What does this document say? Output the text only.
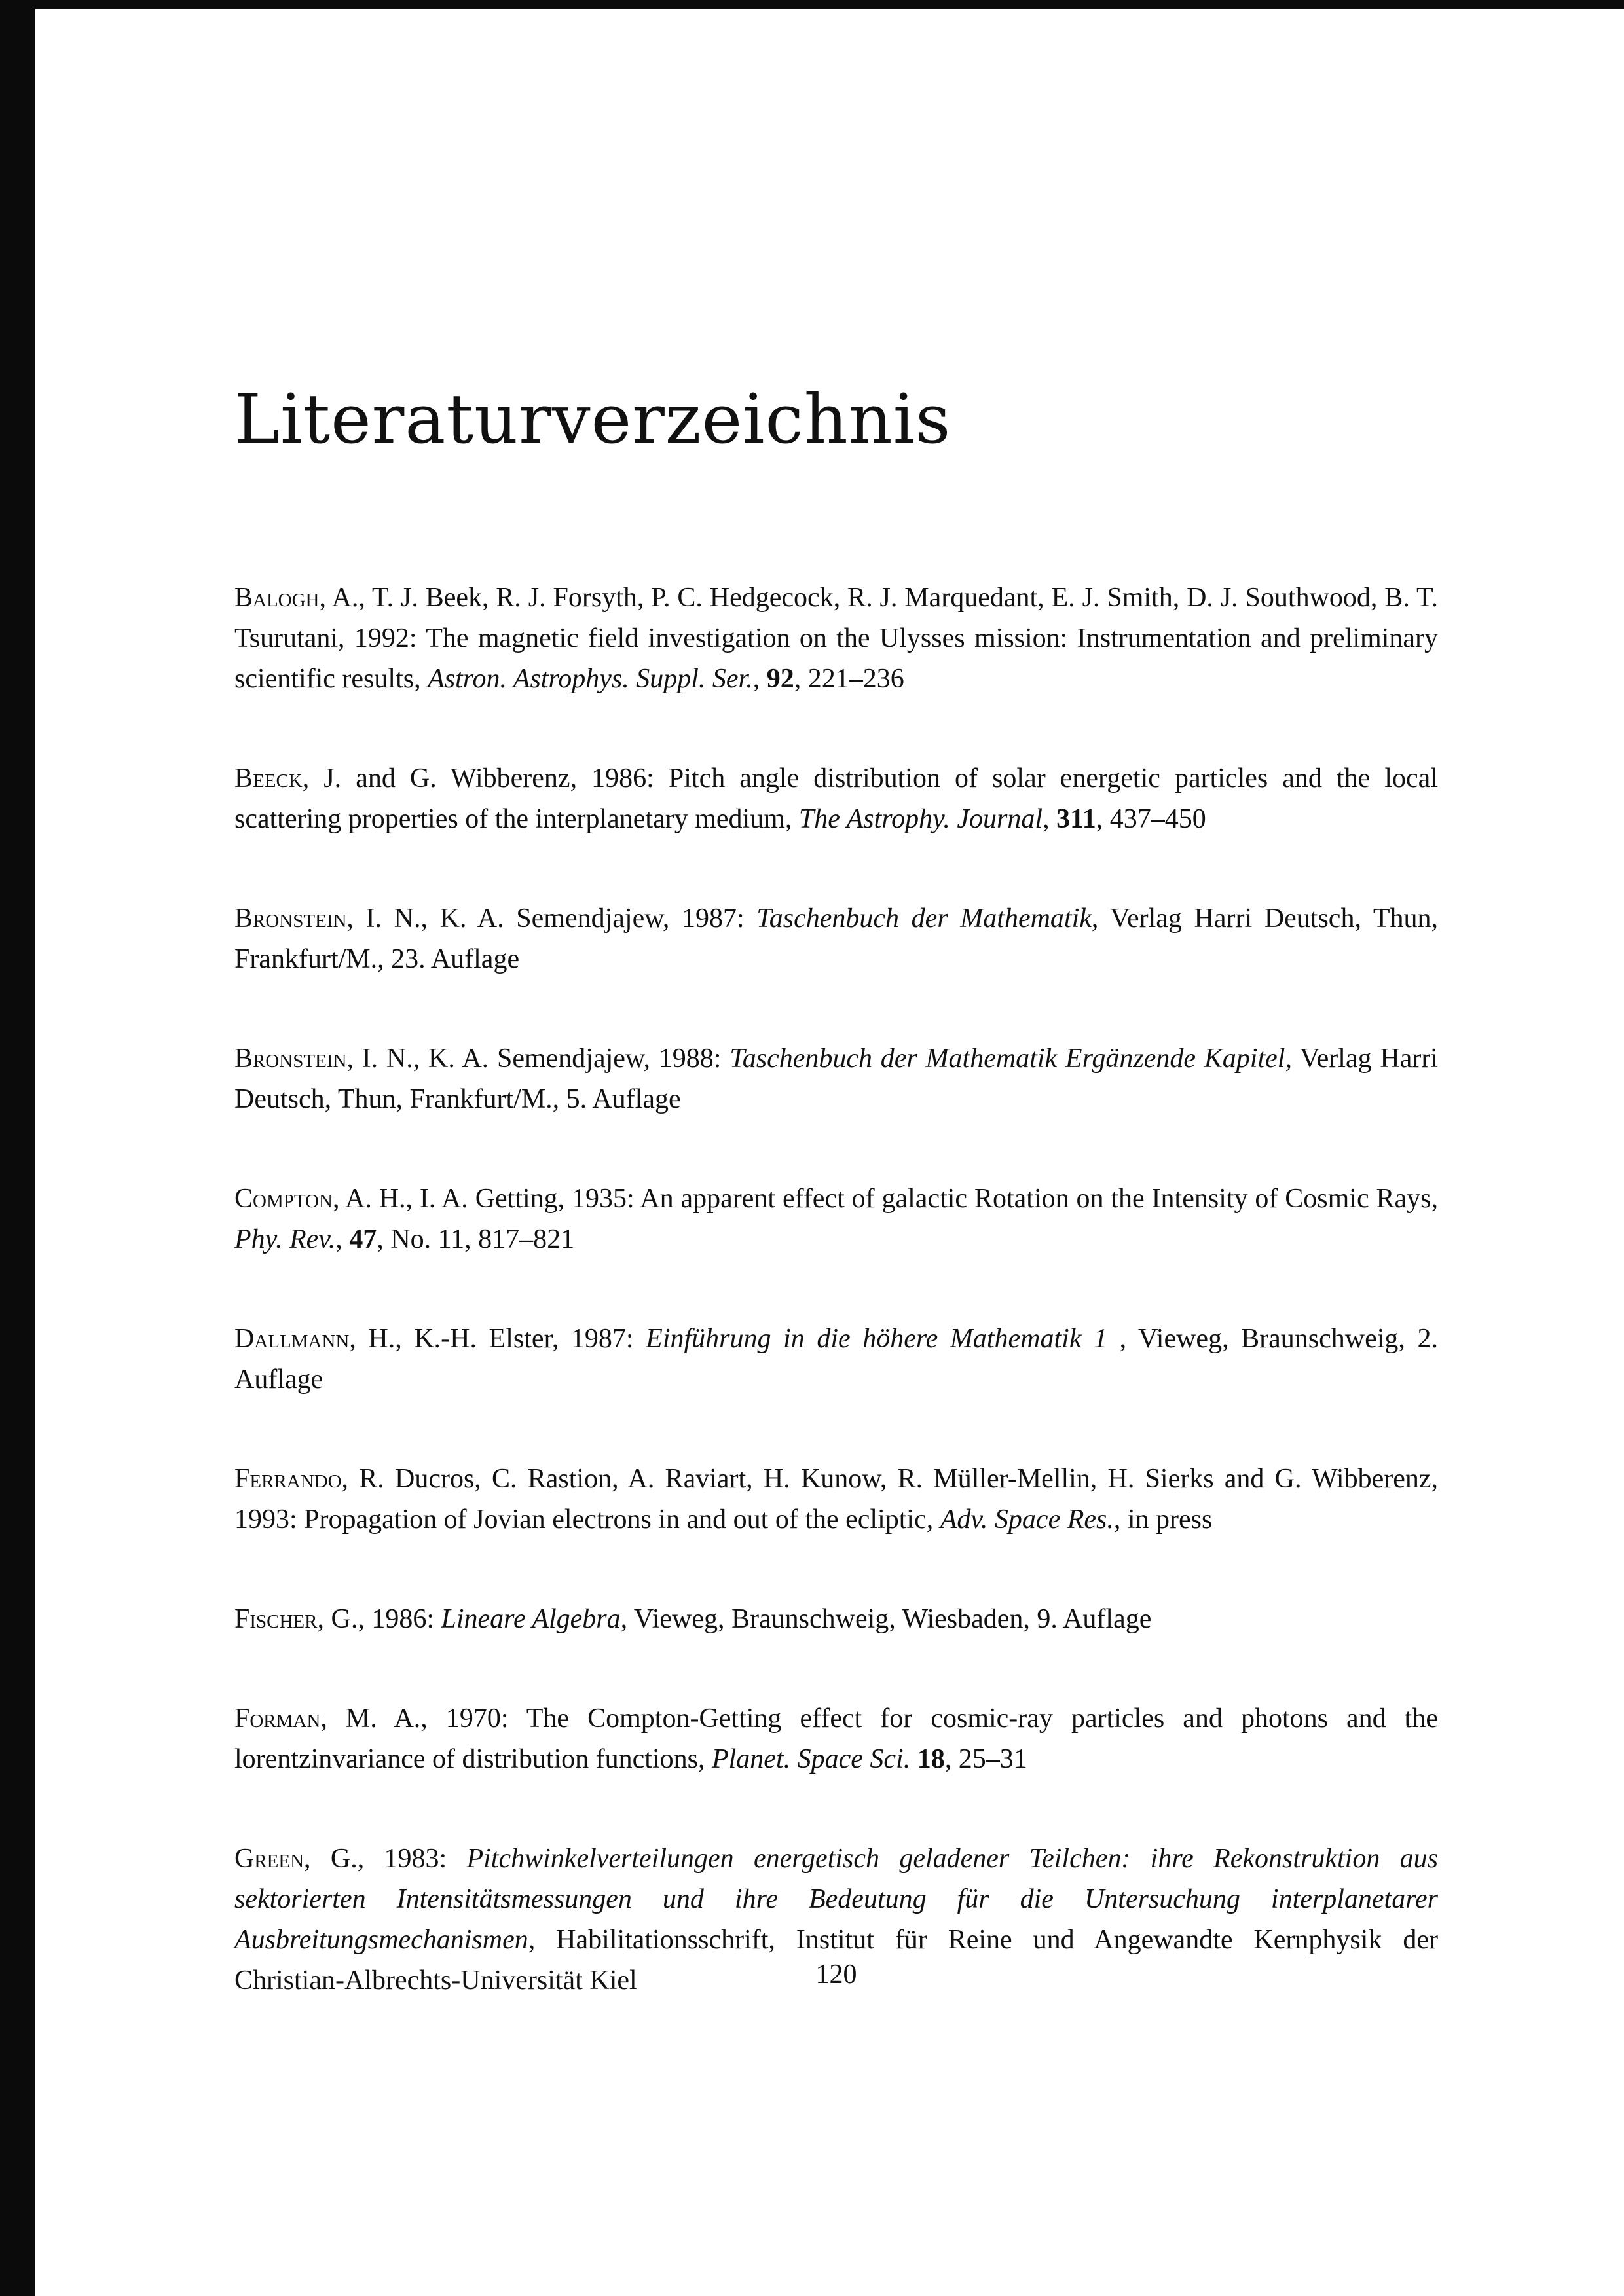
Literaturverzeichnis

Balogh, A., T. J. Beek, R. J. Forsyth, P. C. Hedgecock, R. J. Marquedant, E. J. Smith, D. J. Southwood, B. T. Tsurutani, 1992: The magnetic field investigation on the Ulysses mission: Instrumentation and preliminary scientific results, Astron. Astrophys. Suppl. Ser., 92, 221–236

Beeck, J. and G. Wibberenz, 1986: Pitch angle distribution of solar energetic particles and the local scattering properties of the interplanetary medium, The Astrophy. Journal, 311, 437–450

Bronstein, I. N., K. A. Semendjajew, 1987: Taschenbuch der Mathematik, Verlag Harri Deutsch, Thun, Frankfurt/M., 23. Auflage

Bronstein, I. N., K. A. Semendjajew, 1988: Taschenbuch der Mathematik Ergänzende Kapitel, Verlag Harri Deutsch, Thun, Frankfurt/M., 5. Auflage

Compton, A. H., I. A. Getting, 1935: An apparent effect of galactic Rotation on the Intensity of Cosmic Rays, Phy. Rev., 47, No. 11, 817–821

Dallmann, H., K.-H. Elster, 1987: Einführung in die höhere Mathematik 1 , Vieweg, Braunschweig, 2. Auflage

Ferrando, R. Ducros, C. Rastion, A. Raviart, H. Kunow, R. Müller-Mellin, H. Sierks and G. Wibberenz, 1993: Propagation of Jovian electrons in and out of the ecliptic, Adv. Space Res., in press

Fischer, G., 1986: Lineare Algebra, Vieweg, Braunschweig, Wiesbaden, 9. Auflage

Forman, M. A., 1970: The Compton-Getting effect for cosmic-ray particles and photons and the lorentzinvariance of distribution functions, Planet. Space Sci. 18, 25–31

Green, G., 1983: Pitchwinkelverteilungen energetisch geladener Teilchen: ihre Rekonstruktion aus sektorierten Intensitätsmessungen und ihre Bedeutung für die Untersuchung interplanetarer Ausbreitungsmechanismen, Habilitationsschrift, Institut für Reine und Angewandte Kernphysik der Christian-Albrechts-Universität Kiel	120
